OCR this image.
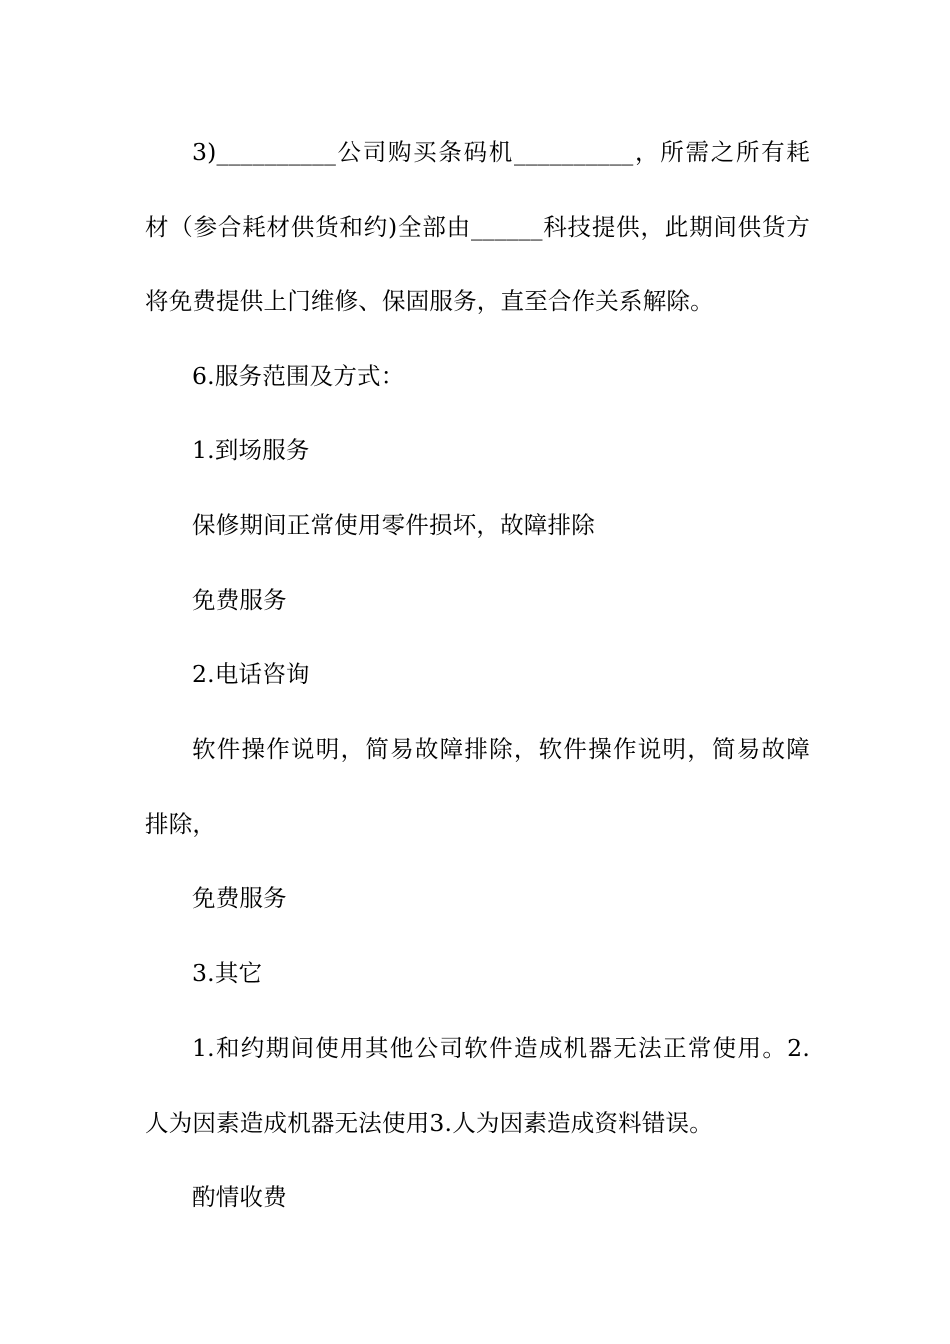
3)__________公司购买条码机__________，所需之所有耗
材（参合耗材供货和约)全部由______科技提供，此期间供货方
将免费提供上门维修、保固服务，直至合作关系解除。
6.服务范围及方式：
1.到场服务
保修期间正常使用零件损坏，故障排除
免费服务
2.电话咨询
软件操作说明，简易故障排除，软件操作说明，简易故障
排除，
免费服务
3.其它
1.和约期间使用其他公司软件造成机器无法正常使用。2.
人为因素造成机器无法使用3.人为因素造成资料错误。
酌情收费
